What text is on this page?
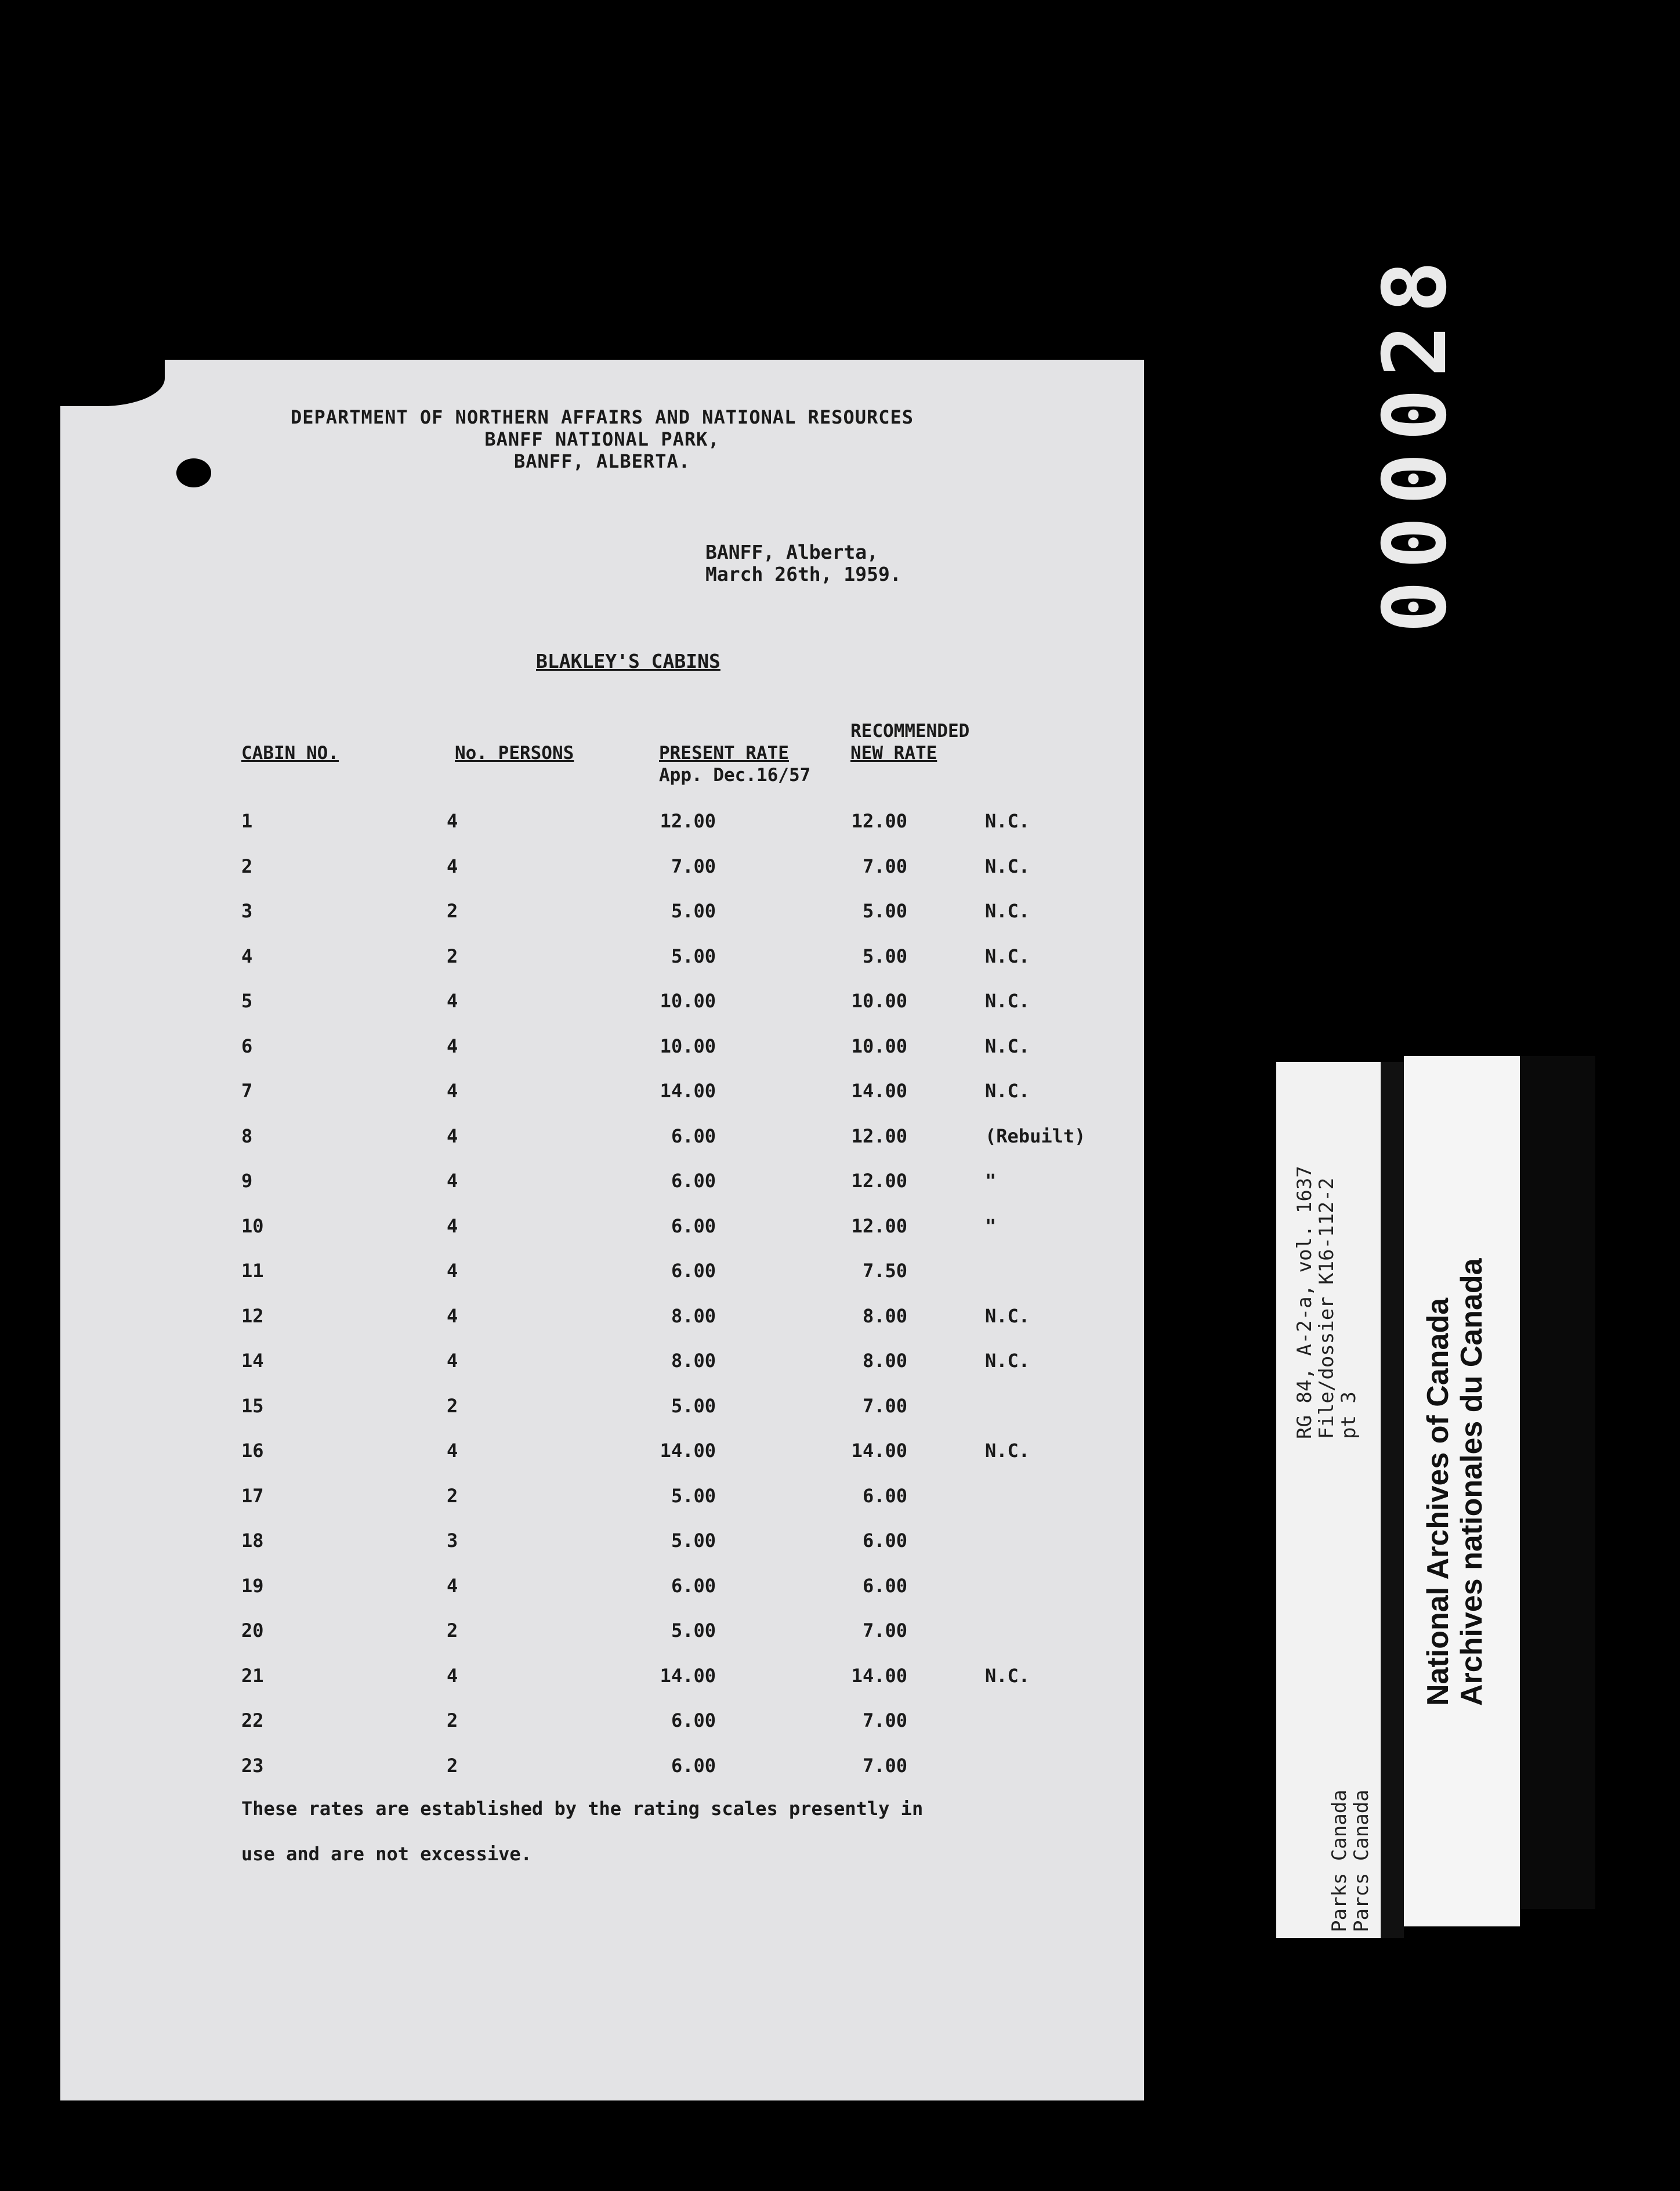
000028
DEPARTMENT OF NORTHERN AFFAIRS AND NATIONAL RESOURCES
BANFF NATIONAL PARK,
BANFF, ALBERTA.
BANFF, Alberta,
March 26th, 1959.
BLAKLEY'S CABINS
CABIN NO.	No. PERSONS	PRESENT RATE
App. Dec.16/57
RECOMMENDED
NEW RATE
1	4	12.00	12.00	N.C.
2	4	7.00	7.00	N.C.
3	2	5.00	5.00	N.C.
4	2	5.00	5.00	N.C.
5	4	10.00	10.00	N.C.
6	4	10.00	10.00	N.C.
7	4	14.00	14.00	N.C.
8	4	6.00	12.00	(Rebuilt)
9	4	6.00	12.00	"
10	4	6.00	12.00	"
11	4	6.00	7.50
12	4	8.00	8.00	N.C.
14	4	8.00	8.00	N.C.
15	2	5.00	7.00
16	4	14.00	14.00	N.C.
17	2	5.00	6.00
18	3	5.00	6.00
19	4	6.00	6.00
20	2	5.00	7.00
21	4	14.00	14.00	N.C.
22	2	6.00	7.00
23	2	6.00	7.00
These rates are established by the rating scales presently in
use and are not excessive.
RG 84, A-2-a, vol. 1637
File/dossier K16-112-2
pt 3
Parks Canada
Parcs Canada
National Archives of Canada
Archives nationales du Canada
